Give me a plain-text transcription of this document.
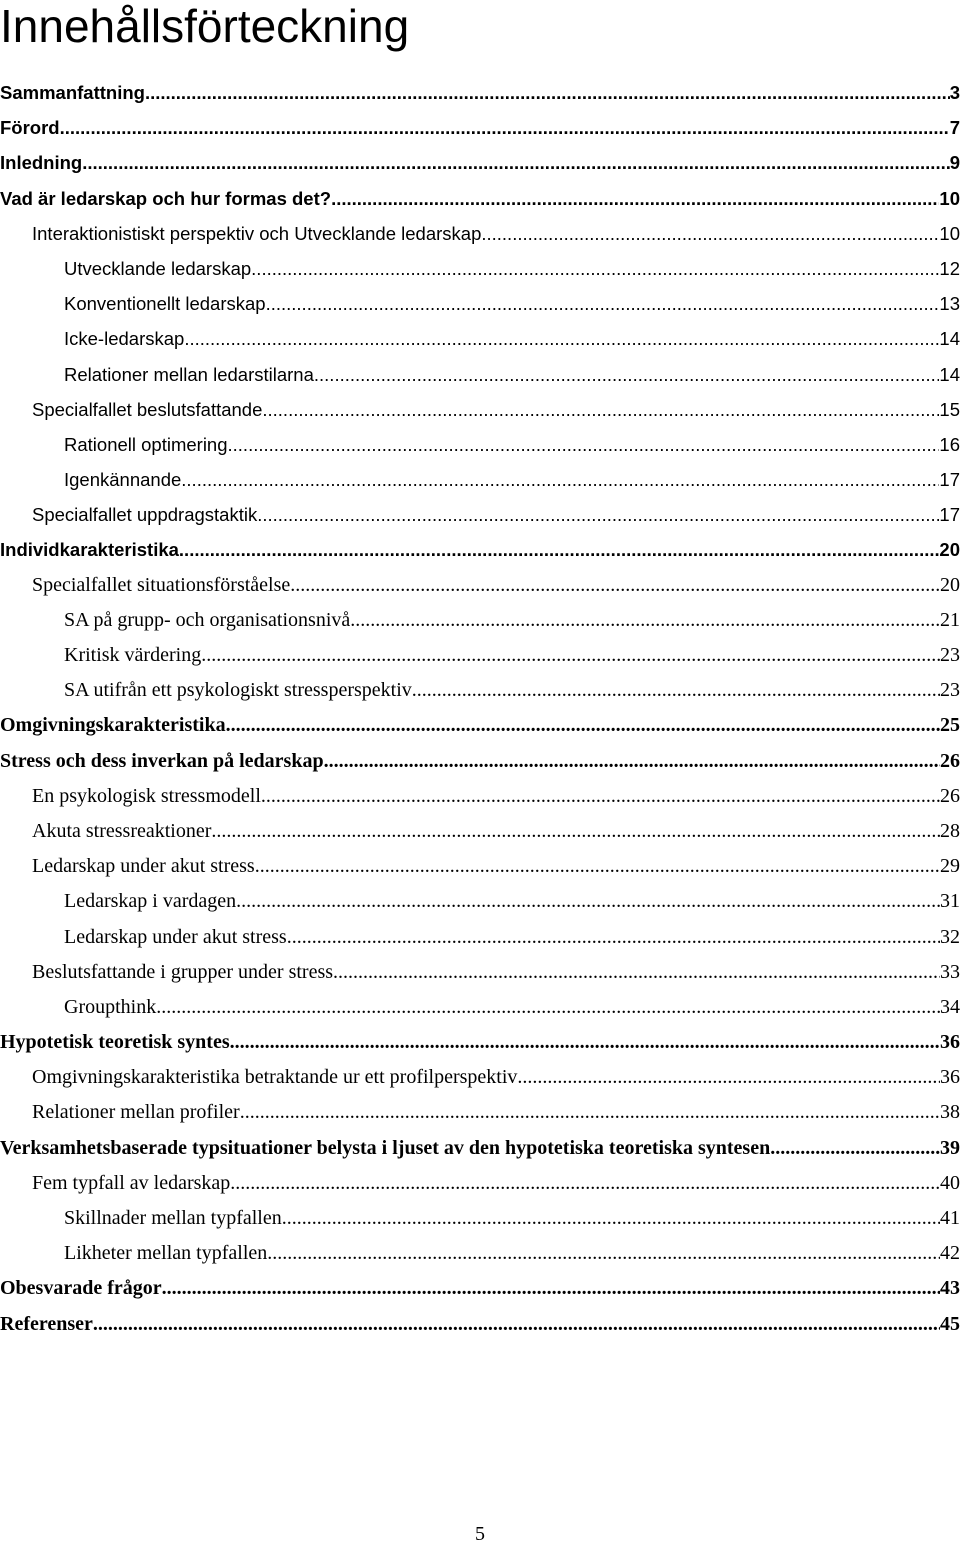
Innehållsförteckning
Sammanfattning .....	3
Förord .....	7
Inledning .....	9
Vad är ledarskap och hur formas det? .....	10
Interaktionistiskt perspektiv och Utvecklande ledarskap .....	10
Utvecklande ledarskap .....	12
Konventionellt ledarskap .....	13
Icke-ledarskap .....	14
Relationer mellan ledarstilarna .....	14
Specialfallet beslutsfattande .....	15
Rationell optimering .....	16
Igenkännande .....	17
Specialfallet uppdragstaktik .....	17
Individkarakteristika .....	20
Specialfallet situationsförståelse .....	20
SA på grupp- och organisationsnivå .....	21
Kritisk värdering .....	23
SA utifrån ett psykologiskt stressperspektiv .....	23
Omgivningskarakteristika .....	25
Stress och dess inverkan på ledarskap .....	26
En psykologisk stressmodell .....	26
Akuta stressreaktioner .....	28
Ledarskap under akut stress .....	29
Ledarskap i vardagen .....	31
Ledarskap under akut stress .....	32
Beslutsfattande i grupper under stress .....	33
Groupthink .....	34
Hypotetisk teoretisk syntes .....	36
Omgivningskarakteristika betraktande ur ett profilperspektiv .....	36
Relationer mellan profiler .....	38
Verksamhetsbaserade typsituationer belysta i ljuset av den hypotetiska teoretiska syntesen .....	39
Fem typfall av ledarskap .....	40
Skillnader mellan typfallen .....	41
Likheter mellan typfallen .....	42
Obesvarade frågor .....	43
Referenser .....	45
5
